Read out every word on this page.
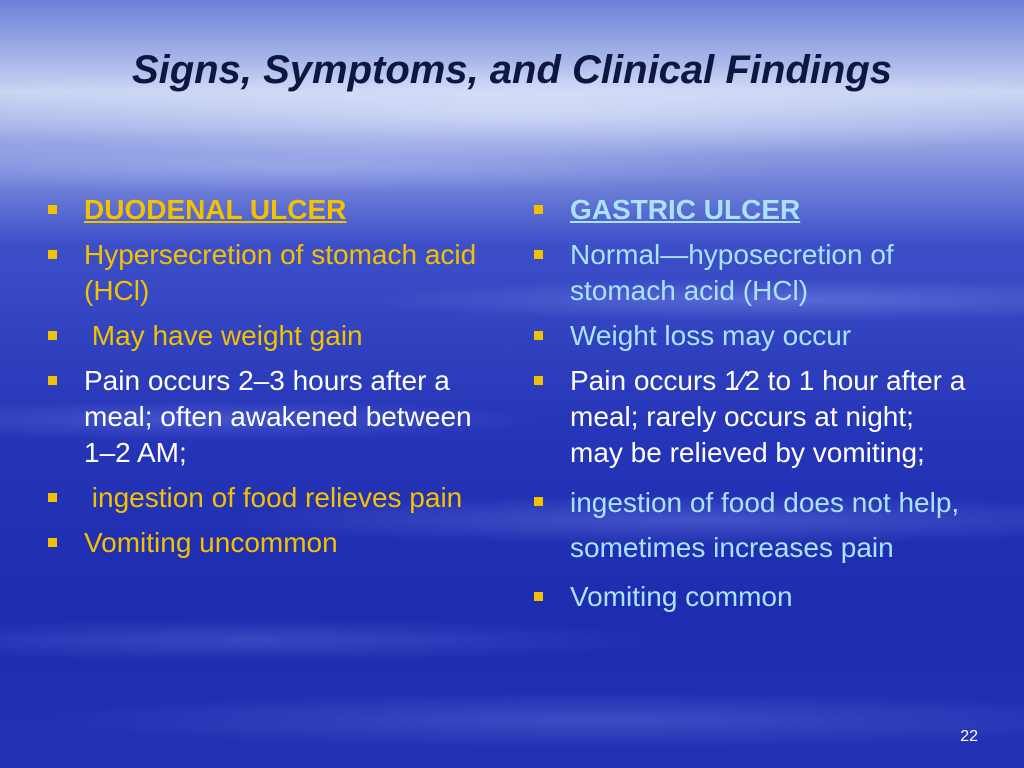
Signs, Symptoms, and Clinical Findings
DUODENAL ULCER
Hypersecretion of stomach acid (HCl)
May have weight gain
Pain occurs 2–3 hours after a meal; often awakened between 1–2 AM;
ingestion of food relieves pain
Vomiting uncommon
GASTRIC ULCER
Normal—hyposecretion of stomach acid (HCl)
Weight loss may occur
Pain occurs 1⁄2 to 1 hour after a meal; rarely occurs at night;  may be relieved by vomiting;
ingestion of food does not help, sometimes increases pain
Vomiting common
22
